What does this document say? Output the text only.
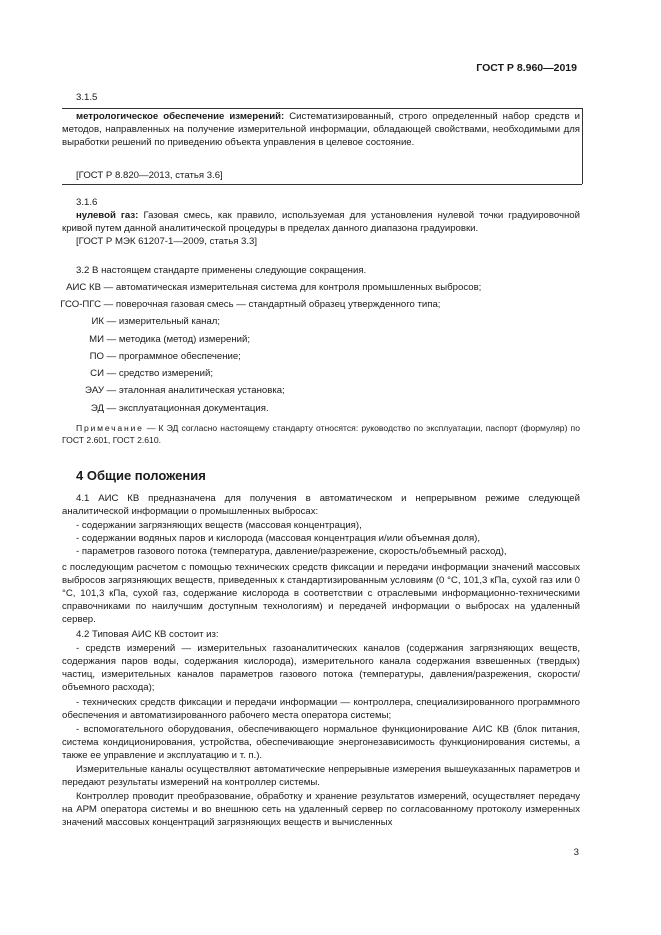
ГОСТ Р 8.960—2019
3.1.5
метрологическое обеспечение измерений: Систематизированный, строго определенный набор средств и методов, направленных на получение измерительной информации, обладающей свойствами, необходимыми для выработки решений по приведению объекта управления в целевое состояние.
[ГОСТ Р 8.820—2013, статья 3.6]
3.1.6
нулевой газ: Газовая смесь, как правило, используемая для установления нулевой точки градуировочной кривой путем данной аналитической процедуры в пределах данного диапазона градуировки.
[ГОСТ Р МЭК 61207-1—2009, статья 3.3]
3.2 В настоящем стандарте применены следующие сокращения.
АИС КВ — автоматическая измерительная система для контроля промышленных выбросов;
ГСО-ПГС — поверочная газовая смесь — стандартный образец утвержденного типа;
ИК — измерительный канал;
МИ — методика (метод) измерений;
ПО — программное обеспечение;
СИ — средство измерений;
ЭАУ — эталонная аналитическая установка;
ЭД — эксплуатационная документация.
Примечание — К ЭД согласно настоящему стандарту относятся: руководство по эксплуатации, паспорт (формуляр) по ГОСТ 2.601, ГОСТ 2.610.
4 Общие положения
4.1 АИС КВ предназначена для получения в автоматическом и непрерывном режиме следующей аналитической информации о промышленных выбросах:
- содержании загрязняющих веществ (массовая концентрация),
- содержании водяных паров и кислорода (массовая концентрация и/или объемная доля),
- параметров газового потока (температура, давление/разрежение, скорость/объемный расход),
с последующим расчетом с помощью технических средств фиксации и передачи информации значений массовых выбросов загрязняющих веществ, приведенных к стандартизированным условиям (0 °C, 101,3 кПа, сухой газ или 0 °C, 101,3 кПа, сухой газ, содержание кислорода в соответствии с отраслевыми информационно-техническими справочниками по наилучшим доступным технологиям) и передачей информации о выбросах на удаленный сервер.
4.2 Типовая АИС КВ состоит из:
- средств измерений — измерительных газоаналитических каналов (содержания загрязняющих веществ, содержания паров воды, содержания кислорода), измерительного канала содержания взвешенных (твердых) частиц, измерительных каналов параметров газового потока (температуры, давления/разрежения, скорости/объемного расхода);
- технических средств фиксации и передачи информации — контроллера, специализированного программного обеспечения и автоматизированного рабочего места оператора системы;
- вспомогательного оборудования, обеспечивающего нормальное функционирование АИС КВ (блок питания, система кондиционирования, устройства, обеспечивающие энергонезависимость функционирования системы, а также ее управление и эксплуатацию и т. п.).
Измерительные каналы осуществляют автоматические непрерывные измерения вышеуказанных параметров и передают результаты измерений на контроллер системы.
Контроллер проводит преобразование, обработку и хранение результатов измерений, осуществляет передачу на АРМ оператора системы и во внешнюю сеть на удаленный сервер по согласованному протоколу измеренных значений массовых концентраций загрязняющих веществ и вычисленных
3
